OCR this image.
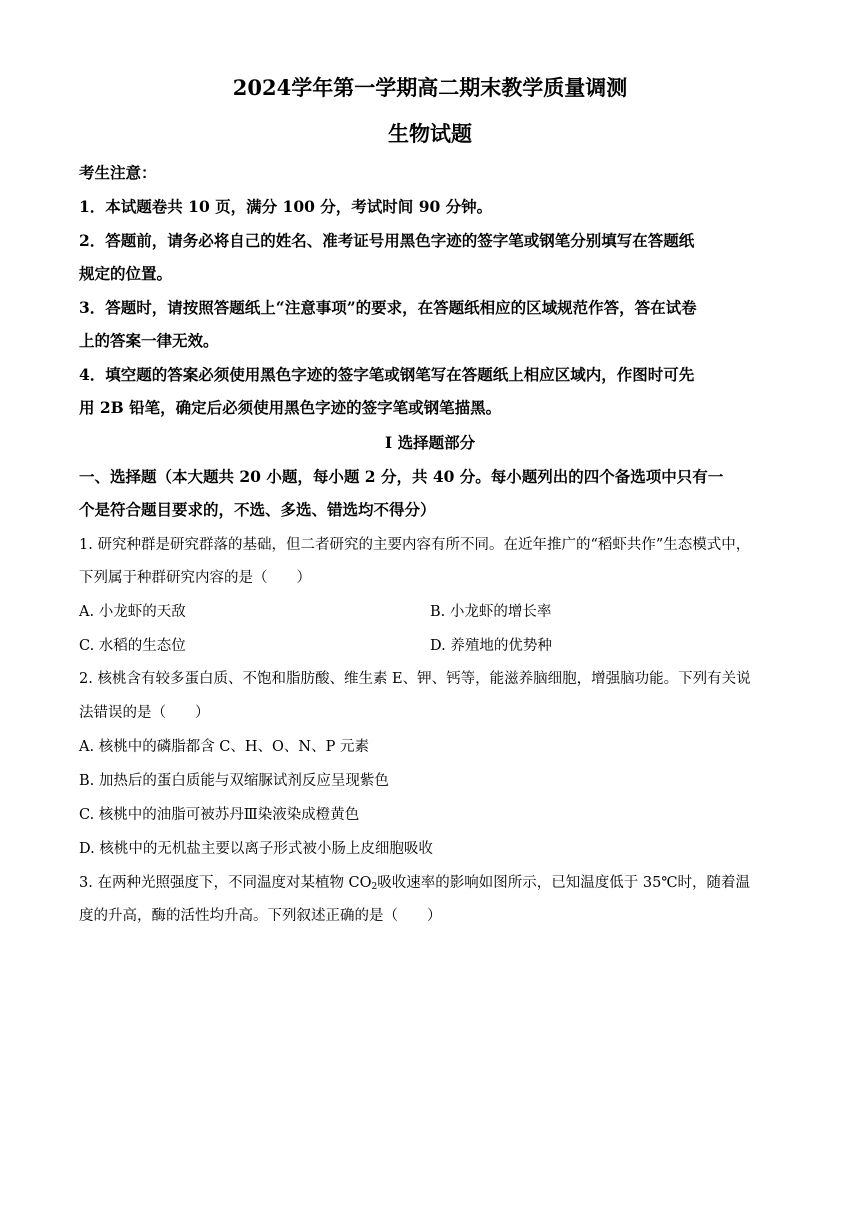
2024学年第一学期高二期末教学质量调测
生物试题
考生注意：
1．本试题卷共 10 页，满分 100 分，考试时间 90 分钟。
2．答题前，请务必将自己的姓名、准考证号用黑色字迹的签字笔或钢笔分别填写在答题纸
规定的位置。
3．答题时，请按照答题纸上“注意事项”的要求，在答题纸相应的区域规范作答，答在试卷
上的答案一律无效。
4．填空题的答案必须使用黑色字迹的签字笔或钢笔写在答题纸上相应区域内，作图时可先
用 2B 铅笔，确定后必须使用黑色字迹的签字笔或钢笔描黑。
I 选择题部分
一、选择题（本大题共 20 小题，每小题 2 分，共 40 分。每小题列出的四个备选项中只有一
个是符合题目要求的，不选、多选、错选均不得分）
1. 研究种群是研究群落的基础，但二者研究的主要内容有所不同。在近年推广的“稻虾共作”生态模式中，
下列属于种群研究内容的是（　　）
A. 小龙虾的天敌	B. 小龙虾的增长率
C. 水稻的生态位	D. 养殖地的优势种
2. 核桃含有较多蛋白质、不饱和脂肪酸、维生素 E、钾、钙等，能滋养脑细胞，增强脑功能。下列有关说
法错误的是（　　）
A. 核桃中的磷脂都含 C、H、O、N、P 元素
B. 加热后的蛋白质能与双缩脲试剂反应呈现紫色
C. 核桃中的油脂可被苏丹Ⅲ染液染成橙黄色
D. 核桃中的无机盐主要以离子形式被小肠上皮细胞吸收
3. 在两种光照强度下，不同温度对某植物 $CO_2$吸收速率的影响如图所示，已知温度低于 35℃时，随着温
度的升高，酶的活性均升高。下列叙述正确的是（　　）
